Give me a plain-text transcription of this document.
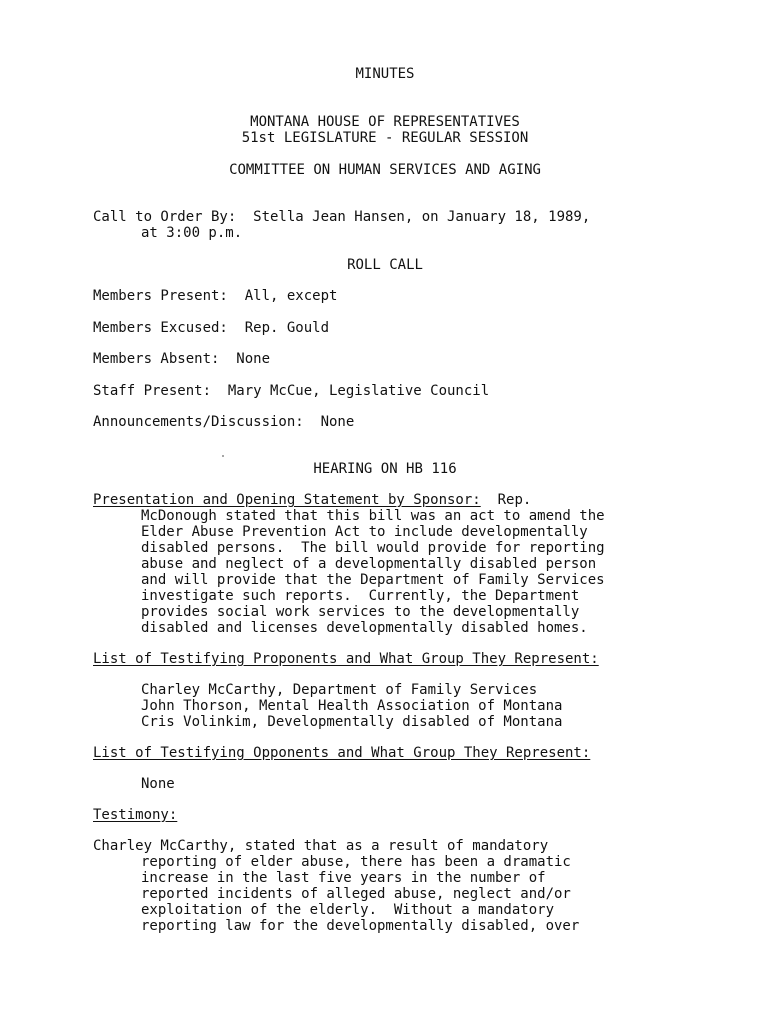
MINUTES
MONTANA HOUSE OF REPRESENTATIVES
51st LEGISLATURE - REGULAR SESSION
COMMITTEE ON HUMAN SERVICES AND AGING
Call to Order By:  Stella Jean Hansen, on January 18, 1989,
at 3:00 p.m.
ROLL CALL
Members Present:  All, except
Members Excused:  Rep. Gould
Members Absent:  None
Staff Present:  Mary McCue, Legislative Council
Announcements/Discussion:  None
HEARING ON HB 116
Presentation and Opening Statement by Sponsor:  Rep.
McDonough stated that this bill was an act to amend the
Elder Abuse Prevention Act to include developmentally
disabled persons.  The bill would provide for reporting
abuse and neglect of a developmentally disabled person
and will provide that the Department of Family Services
investigate such reports.  Currently, the Department
provides social work services to the developmentally
disabled and licenses developmentally disabled homes.
List of Testifying Proponents and What Group They Represent:
Charley McCarthy, Department of Family Services
John Thorson, Mental Health Association of Montana
Cris Volinkim, Developmentally disabled of Montana
List of Testifying Opponents and What Group They Represent:
None
Testimony:
Charley McCarthy, stated that as a result of mandatory
reporting of elder abuse, there has been a dramatic
increase in the last five years in the number of
reported incidents of alleged abuse, neglect and/or
exploitation of the elderly.  Without a mandatory
reporting law for the developmentally disabled, over
